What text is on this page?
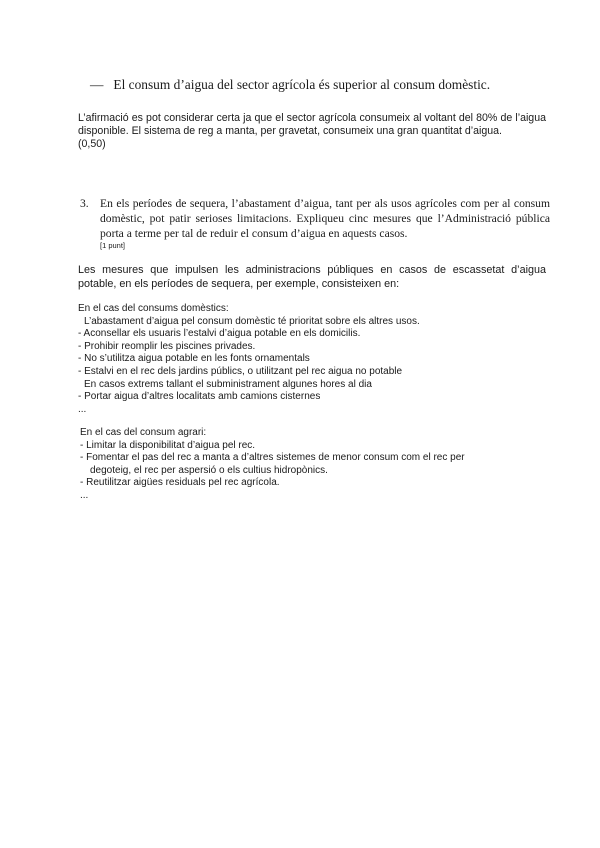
— El consum d’aigua del sector agrícola és superior al consum domèstic.

L’afirmació es pot considerar certa ja que el sector agrícola consumeix al voltant del 80% de l’aigua disponible. El sistema de reg a manta, per gravetat, consumeix una gran quantitat d’aigua.

(0,50)
3. En els períodes de sequera, l’abastament d’aigua, tant per als usos agrícoles com per al consum domèstic, pot patir serioses limitacions. Expliqueu cinc mesures que l’Administració pública porta a terme per tal de reduir el consum d’aigua en aquests casos.
[1 punt]
Les mesures que impulsen les administracions públiques en casos de escassetat d’aigua potable, en els períodes de sequera, per exemple, consisteixen en:
En el cas del consums domèstics:
L’abastament d’aigua pel consum domèstic té prioritat sobre els altres usos.
- Aconsellar els usuaris l’estalvi d’aigua potable en els domicilis.
- Prohibir reomplir les piscines privades.
- No s’utilitza aigua potable en les fonts ornamentals
- Estalvi en el rec dels jardins públics, o utilitzant pel rec aigua no potable
En casos extrems tallant el subministrament algunes hores al dia
- Portar aigua d’altres localitats amb camions cisternes
...
En el cas del consum agrari:
- Limitar la disponibilitat d’aigua pel rec.
- Fomentar el pas del rec a manta a d’altres sistemes de menor consum com el rec per
degoteig, el rec per aspersió o els cultius hidropònics.
- Reutilitzar aigües residuals pel rec agrícola.
...
